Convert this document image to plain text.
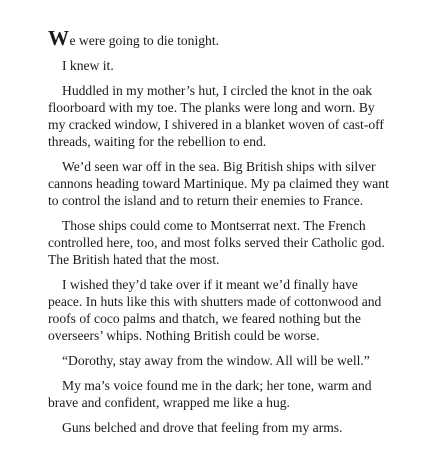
We were going to die tonight.

I knew it.

Huddled in my mother’s hut, I circled the knot in the oak floorboard with my toe. The planks were long and worn. By my cracked window, I shivered in a blanket woven of cast-off threads, waiting for the rebellion to end.

We’d seen war off in the sea. Big British ships with silver cannons heading toward Martinique. My pa claimed they want to control the island and to return their enemies to France.

Those ships could come to Montserrat next. The French controlled here, too, and most folks served their Catholic god. The British hated that the most.

I wished they’d take over if it meant we’d finally have peace. In huts like this with shutters made of cottonwood and roofs of coco palms and thatch, we feared nothing but the overseers’ whips. Nothing British could be worse.

“Dorothy, stay away from the window. All will be well.”

My ma’s voice found me in the dark; her tone, warm and brave and confident, wrapped me like a hug.

Guns belched and drove that feeling from my arms.
